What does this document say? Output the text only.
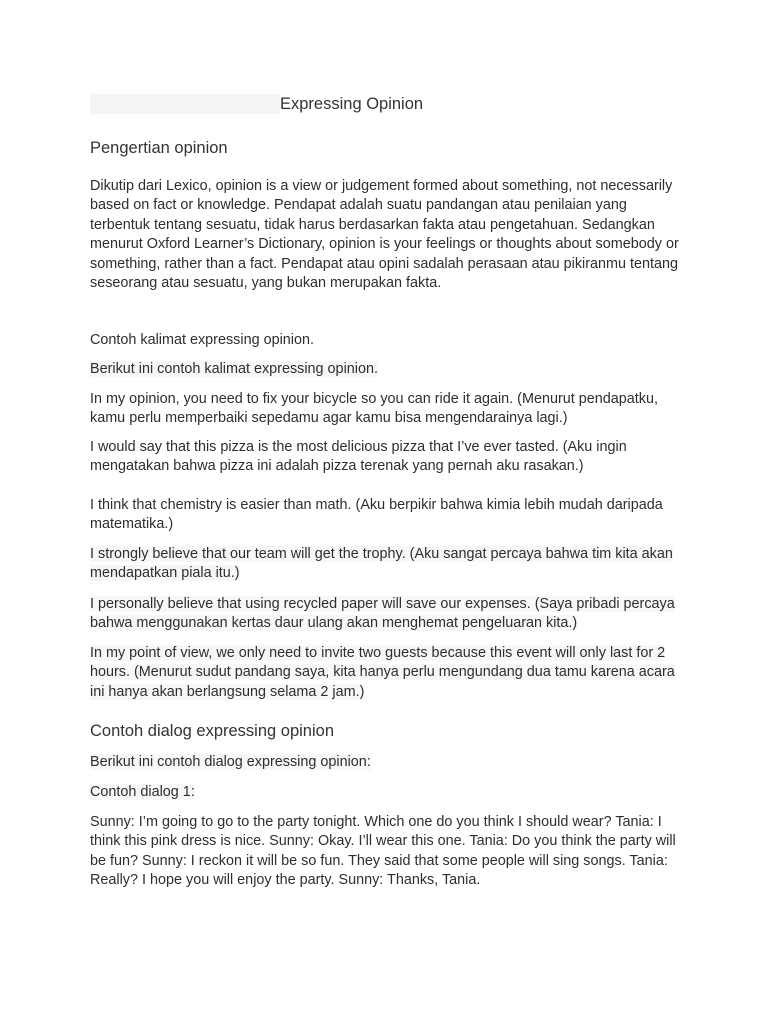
Expressing Opinion
Pengertian opinion

Dikutip dari Lexico, opinion is a view or judgement formed about something, not necessarily based on fact or knowledge. Pendapat adalah suatu pandangan atau penilaian yang terbentuk tentang sesuatu, tidak harus berdasarkan fakta atau pengetahuan. Sedangkan menurut Oxford Learner’s Dictionary, opinion is your feelings or thoughts about somebody or something, rather than a fact. Pendapat atau opini sadalah perasaan atau pikiranmu tentang seseorang atau sesuatu, yang bukan merupakan fakta.

Contoh kalimat expressing opinion.

Berikut ini contoh kalimat expressing opinion.

In my opinion, you need to fix your bicycle so you can ride it again. (Menurut pendapatku, kamu perlu memperbaiki sepedamu agar kamu bisa mengendarainya lagi.)

I would say that this pizza is the most delicious pizza that I’ve ever tasted. (Aku ingin mengatakan bahwa pizza ini adalah pizza terenak yang pernah aku rasakan.)

I think that chemistry is easier than math. (Aku berpikir bahwa kimia lebih mudah daripada matematika.)

I strongly believe that our team will get the trophy. (Aku sangat percaya bahwa tim kita akan mendapatkan piala itu.)

I personally believe that using recycled paper will save our expenses. (Saya pribadi percaya bahwa menggunakan kertas daur ulang akan menghemat pengeluaran kita.)

In my point of view, we only need to invite two guests because this event will only last for 2 hours. (Menurut sudut pandang saya, kita hanya perlu mengundang dua tamu karena acara ini hanya akan berlangsung selama 2 jam.)

Contoh dialog expressing opinion

Berikut ini contoh dialog expressing opinion:

Contoh dialog 1:

Sunny: I’m going to go to the party tonight. Which one do you think I should wear? Tania: I think this pink dress is nice. Sunny: Okay. I’ll wear this one. Tania: Do you think the party will be fun? Sunny: I reckon it will be so fun. They said that some people will sing songs. Tania: Really? I hope you will enjoy the party. Sunny: Thanks, Tania.
